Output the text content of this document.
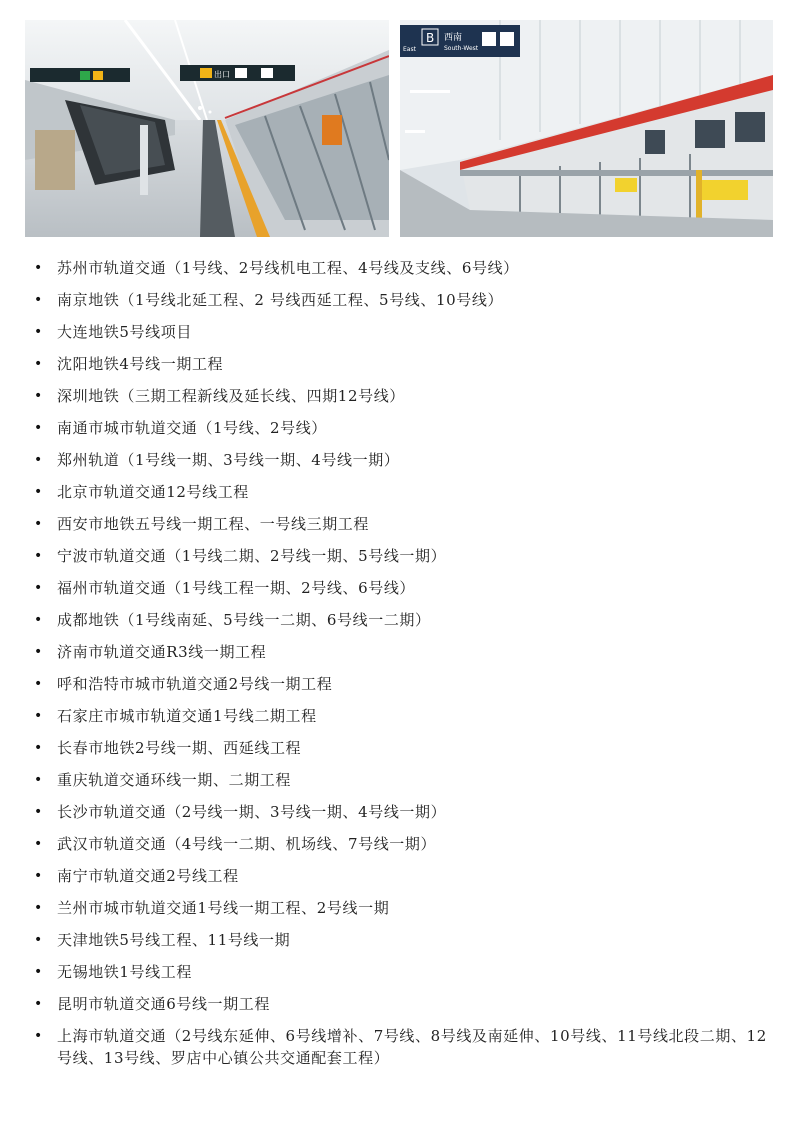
出口
East
B 西南
South-West
• 苏州市轨道交通（1号线、2号线机电工程、4号线及支线、6号线）
• 南京地铁（1号线北延工程、2 号线西延工程、5号线、10号线）
• 大连地铁5号线项目
• 沈阳地铁4号线一期工程
• 深圳地铁（三期工程新线及延长线、四期12号线）
• 南通市城市轨道交通（1号线、2号线）
• 郑州轨道（1号线一期、3号线一期、4号线一期）
• 北京市轨道交通12号线工程
• 西安市地铁五号线一期工程、一号线三期工程
• 宁波市轨道交通（1号线二期、2号线一期、5号线一期）
• 福州市轨道交通（1号线工程一期、2号线、6号线）
• 成都地铁（1号线南延、5号线一二期、6号线一二期）
• 济南市轨道交通R3线一期工程
• 呼和浩特市城市轨道交通2号线一期工程
• 石家庄市城市轨道交通1号线二期工程
• 长春市地铁2号线一期、西延线工程
• 重庆轨道交通环线一期、二期工程
• 长沙市轨道交通（2号线一期、3号线一期、4号线一期）
• 武汉市轨道交通（4号线一二期、机场线、7号线一期）
• 南宁市轨道交通2号线工程
• 兰州市城市轨道交通1号线一期工程、2号线一期
• 天津地铁5号线工程、11号线一期
• 无锡地铁1号线工程
• 昆明市轨道交通6号线一期工程
• 上海市轨道交通（2号线东延伸、6号线增补、7号线、8号线及南延伸、10号线、11号线北段二期、12号线、13号线、罗店中心镇公共交通配套工程）
